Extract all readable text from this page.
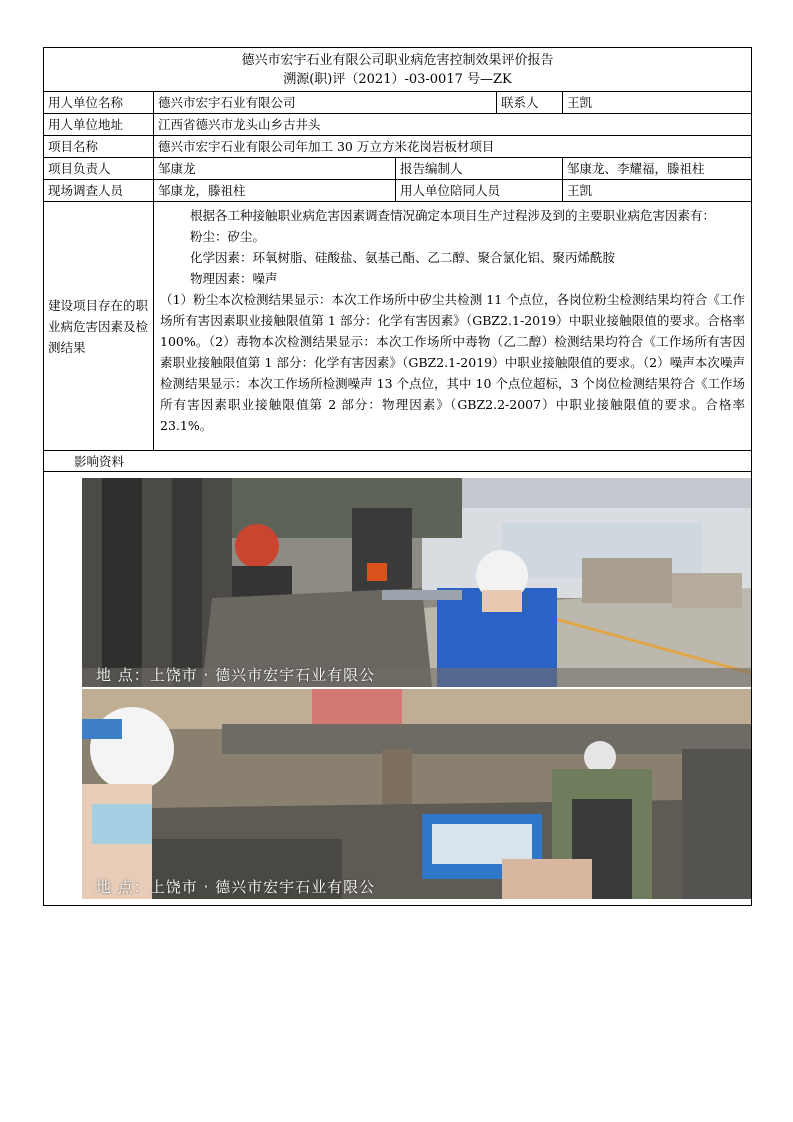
德兴市宏宇石业有限公司职业病危害控制效果评价报告
溯源(职)评（2021）-03-0017 号—ZK				

用人单位名称	德兴市宏宇石业有限公司		联系人	王凯
用人单位地址	江西省德兴市龙头山乡古井头			
项目名称	德兴市宏宇石业有限公司年加工 30 万立方米花岗岩板材项目			
项目负责人	邹康龙	报告编制人		邹康龙、李耀福，滕祖柱
现场调查人员	邹康龙，滕祖柱	用人单位陪同人员		王凯
建设项目存在的职业病危害因素及检测结果	根据各工种接触职业病危害因素调查情况确定本项目生产过程涉及到的主要职业病危害因素有：

粉尘：矽尘。

化学因素：环氧树脂、硅酸盐、氨基己酯、乙二醇、聚合氯化铝、聚丙烯酰胺

物理因素：噪声

（1）粉尘本次检测结果显示：本次工作场所中矽尘共检测 11 个点位，各岗位粉尘检测结果均符合《工作场所有害因素职业接触限值第 1 部分：化学有害因素》（GBZ2.1-2019）中职业接触限值的要求。合格率 100%。（2）毒物本次检测结果显示：本次工作场所中毒物（乙二醇）检测结果均符合《工作场所有害因素职业接触限值第 1 部分：化学有害因素》（GBZ2.1-2019）中职业接触限值的要求。（2）噪声本次噪声检测结果显示：本次工作场所检测噪声 13 个点位，其中 10 个点位超标，3 个岗位检测结果符合《工作场所有害因素职业接触限值第 2 部分：物理因素》（GBZ2.2-2007）中职业接触限值的要求。合格率 23.1%。			

影响资料				

地 点：上饶市 · 德兴市宏宇石业有限公
地 点：上饶市 · 德兴市宏宇石业有限公				
